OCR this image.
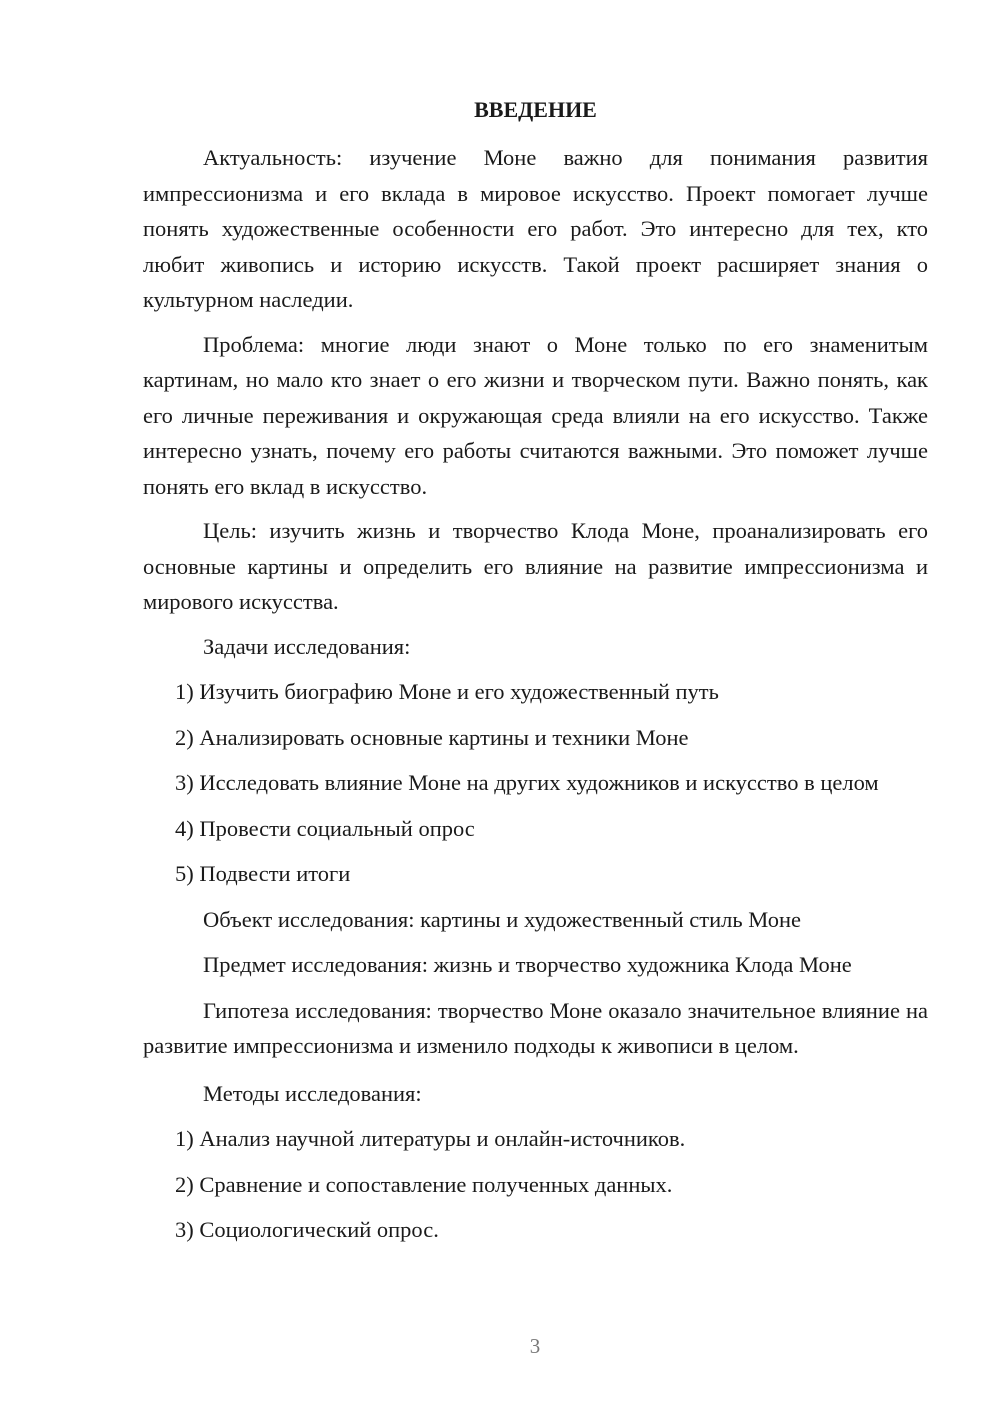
ВВЕДЕНИЕ

Актуальность: изучение Моне важно для понимания развития импрессионизма и его вклада в мировое искусство. Проект помогает лучше понять художественные особенности его работ. Это интересно для тех, кто любит живопись и историю искусств. Такой проект расширяет знания о культурном наследии.

Проблема: многие люди знают о Моне только по его знаменитым картинам, но мало кто знает о его жизни и творческом пути. Важно понять, как его личные переживания и окружающая среда влияли на его искусство. Также интересно узнать, почему его работы считаются важными. Это поможет лучше понять его вклад в искусство.

Цель: изучить жизнь и творчество Клода Моне, проанализировать его основные картины и определить его влияние на развитие импрессионизма и мирового искусства.

Задачи исследования:

1) Изучить биографию Моне и его художественный путь

2) Анализировать основные картины и техники Моне

3) Исследовать влияние Моне на других художников и искусство в целом

4) Провести социальный опрос

5) Подвести итоги

Объект исследования: картины и художественный стиль Моне

Предмет исследования: жизнь и творчество художника Клода Моне

Гипотеза исследования: творчество Моне оказало значительное влияние на развитие импрессионизма и изменило подходы к живописи в целом.

Методы исследования:

1) Анализ научной литературы и онлайн-источников.

2) Сравнение и сопоставление полученных данных.

3) Социологический опрос.

3
